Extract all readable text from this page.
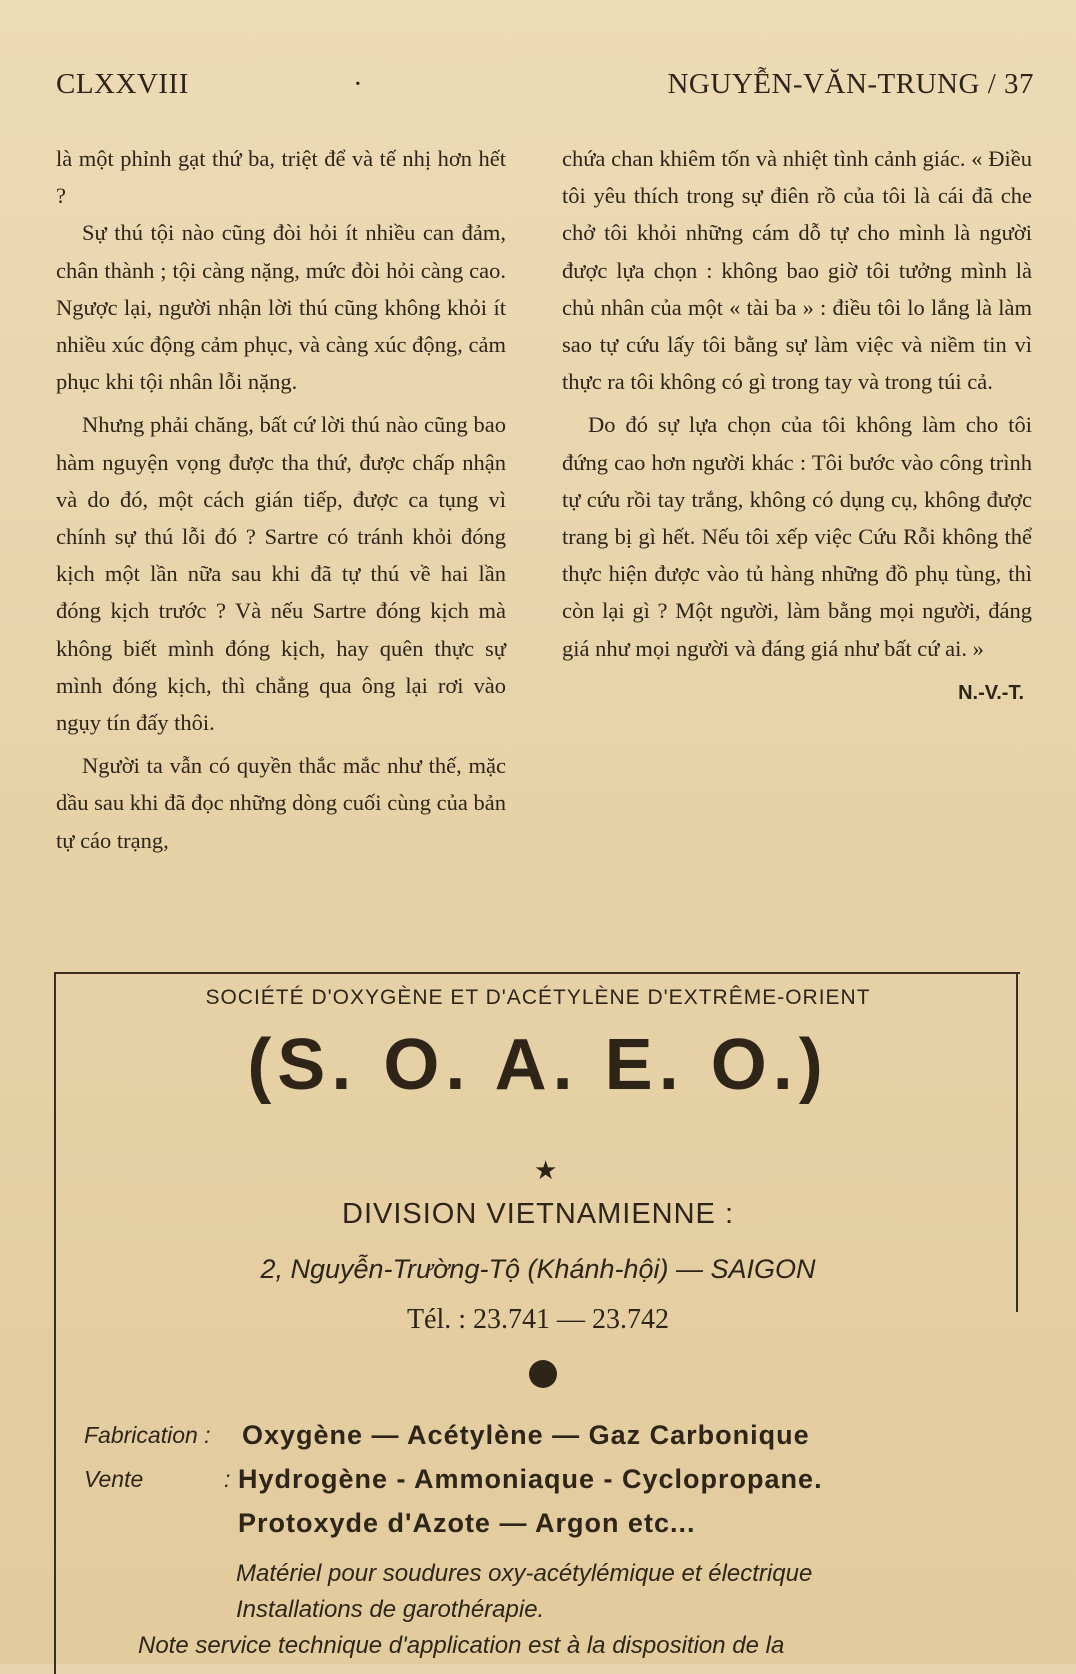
CLXXVIII	·	NGUYỄN-VĂN-TRUNG / 37

là một phỉnh gạt thứ ba, triệt để và tế nhị hơn hết ?

Sự thú tội nào cũng đòi hỏi ít nhiều can đảm, chân thành ; tội càng nặng, mức đòi hỏi càng cao. Ngược lại, người nhận lời thú cũng không khỏi ít nhiều xúc động cảm phục, và càng xúc động, cảm phục khi tội nhân lỗi nặng.

Nhưng phải chăng, bất cứ lời thú nào cũng bao hàm nguyện vọng được tha thứ, được chấp nhận và do đó, một cách gián tiếp, được ca tụng vì chính sự thú lỗi đó ? Sartre có tránh khỏi đóng kịch một lần nữa sau khi đã tự thú về hai lần đóng kịch trước ? Và nếu Sartre đóng kịch mà không biết mình đóng kịch, hay quên thực sự mình đóng kịch, thì chẳng qua ông lại rơi vào ngụy tín đấy thôi.

Người ta vẫn có quyền thắc mắc như thế, mặc dầu sau khi đã đọc những dòng cuối cùng của bản tự cáo trạng,

chứa chan khiêm tốn và nhiệt tình cảnh giác. « Điều tôi yêu thích trong sự điên rồ của tôi là cái đã che chở tôi khỏi những cám dỗ tự cho mình là người được lựa chọn : không bao giờ tôi tưởng mình là chủ nhân của một « tài ba » : điều tôi lo lắng là làm sao tự cứu lấy tôi bằng sự làm việc và niềm tin vì thực ra tôi không có gì trong tay và trong túi cả.

Do đó sự lựa chọn của tôi không làm cho tôi đứng cao hơn người khác : Tôi bước vào công trình tự cứu rồi tay trắng, không có dụng cụ, không được trang bị gì hết. Nếu tôi xếp việc Cứu Rỗi không thể thực hiện được vào tủ hàng những đồ phụ tùng, thì còn lại gì ? Một người, làm bằng mọi người, đáng giá như mọi người và đáng giá như bất cứ ai. »

N.-V.-T.
SOCIÉTÉ D'OXYGÈNE ET D'ACÉTYLÈNE D'EXTRÊME-ORIENT
(S. O. A. E. O.)
★
DIVISION VIETNAMIENNE :
2, Nguyễn-Trường-Tộ (Khánh-hội) — SAIGON
Tél. : 23.741 — 23.742
Fabrication : Oxygène — Acétylène — Gaz Carbonique
Vente	: Hydrogène - Ammoniaque - Cyclopropane.
Protoxyde d'Azote — Argon etc...
Matériel pour soudures oxy-acétylémique et électrique
Installations de garothérapie.
Note service technique d'application est à la disposition de la
